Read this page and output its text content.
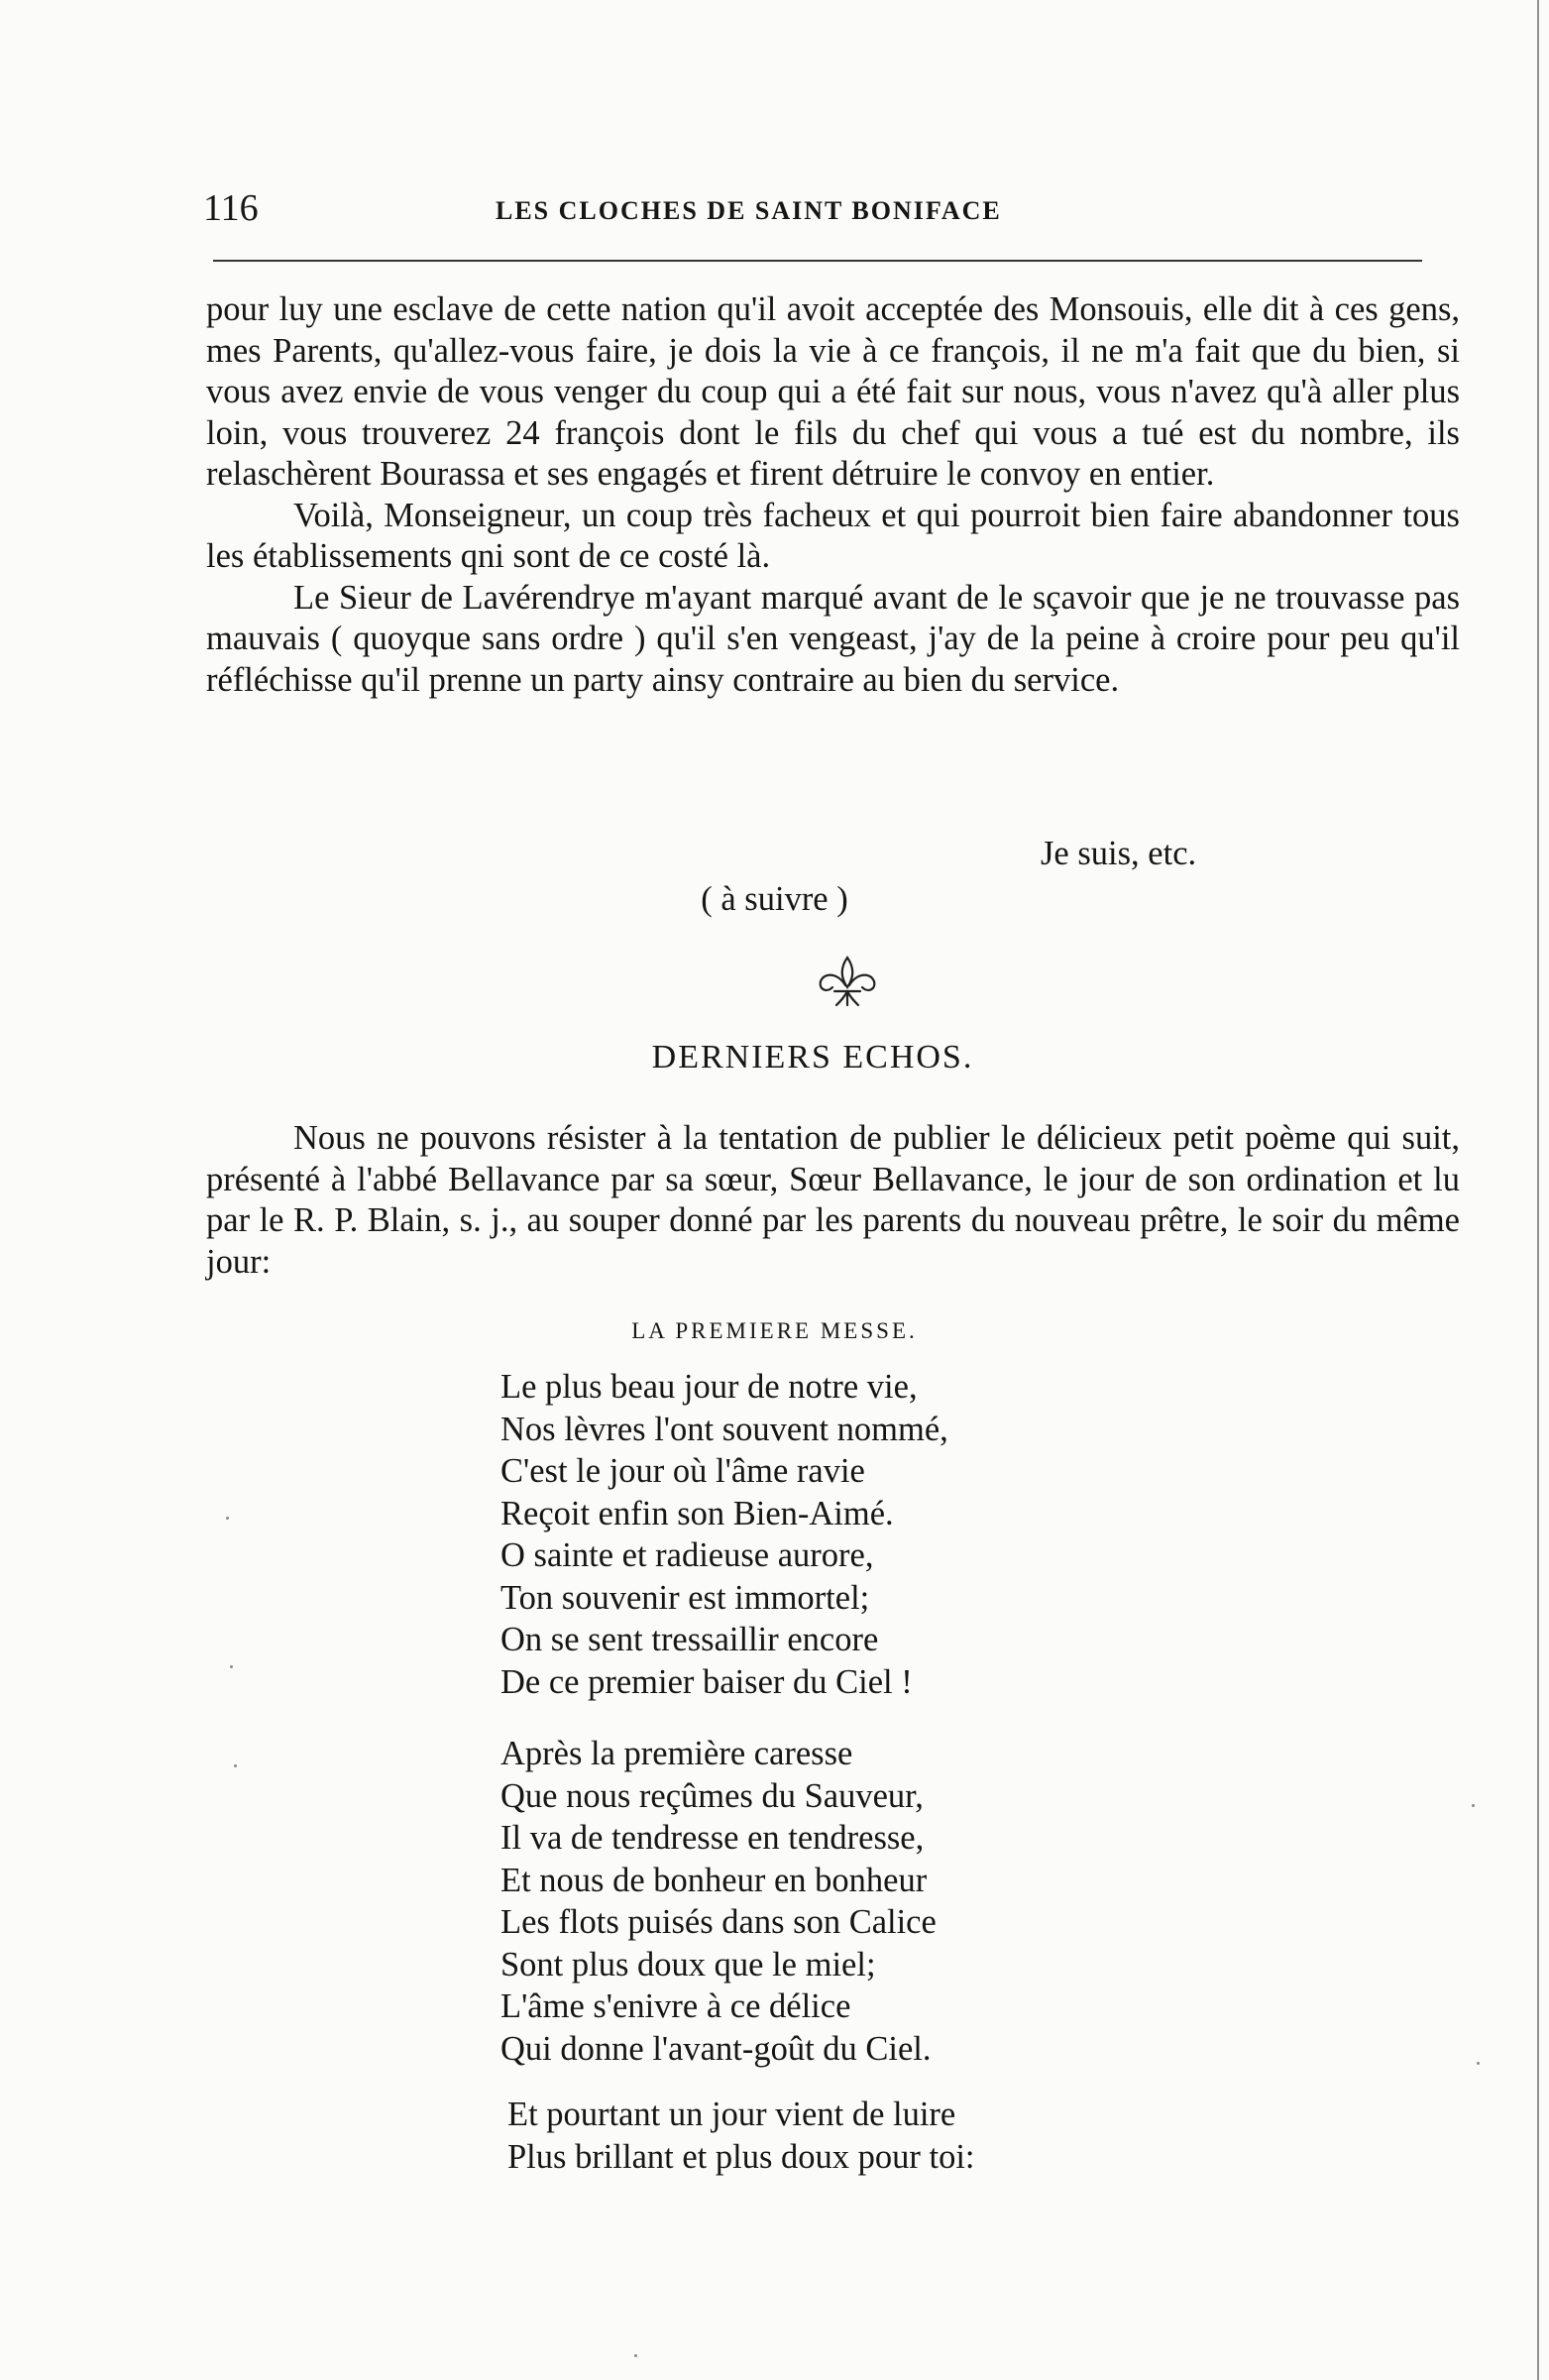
116	LES CLOCHES DE SAINT BONIFACE

pour luy une esclave de cette nation qu'il avoit acceptée des Monsouis, elle dit à ces gens, mes Parents, qu'allez-vous faire, je dois la vie à ce françois, il ne m'a fait que du bien, si vous avez envie de vous venger du coup qui a été fait sur nous, vous n'avez qu'à aller plus loin, vous trouverez 24 françois dont le fils du chef qui vous a tué est du nombre, ils relaschèrent Bourassa et ses engagés et firent détruire le convoy en entier.

Voilà, Monseigneur, un coup très facheux et qui pourroit bien faire abandonner tous les établissements qni sont de ce costé là.

Le Sieur de Lavérendrye m'ayant marqué avant de le sçavoir que je ne trouvasse pas mauvais ( quoyque sans ordre ) qu'il s'en vengeast, j'ay de la peine à croire pour peu qu'il réfléchisse qu'il prenne un party ainsy contraire au bien du service.

Je suis, etc.
( à suivre )
DERNIERS ECHOS.

Nous ne pouvons résister à la tentation de publier le délicieux petit poème qui suit, présenté à l'abbé Bellavance par sa sœur, Sœur Bellavance, le jour de son ordination et lu par le R. P. Blain, s. j., au souper donné par les parents du nouveau prêtre, le soir du même jour:

LA PREMIERE MESSE.
Le plus beau jour de notre vie,
Nos lèvres l'ont souvent nommé,
C'est le jour où l'âme ravie
Reçoit enfin son Bien-Aimé.
O sainte et radieuse aurore,
Ton souvenir est immortel;
On se sent tressaillir encore
De ce premier baiser du Ciel !
Après la première caresse
Que nous reçûmes du Sauveur,
Il va de tendresse en tendresse,
Et nous de bonheur en bonheur
Les flots puisés dans son Calice
Sont plus doux que le miel;
L'âme s'enivre à ce délice
Qui donne l'avant-goût du Ciel.
Et pourtant un jour vient de luire
Plus brillant et plus doux pour toi:
